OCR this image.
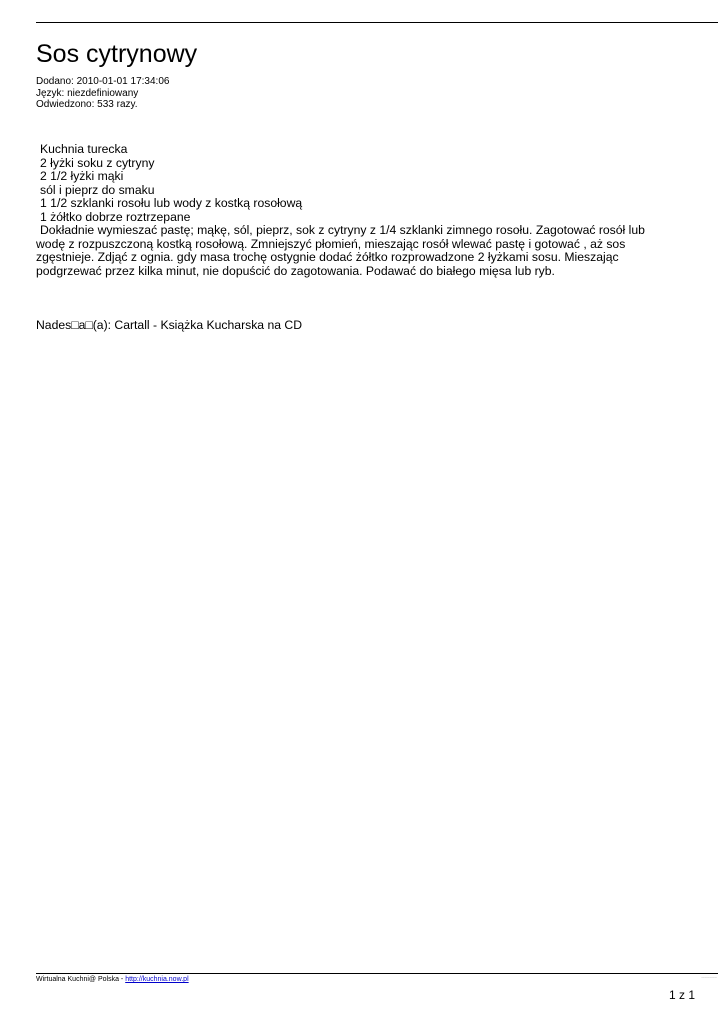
Sos cytrynowy
Dodano: 2010-01-01 17:34:06
Język: niezdefiniowany
Odwiedzono: 533 razy.
Kuchnia turecka
2 łyżki soku z cytryny
2 1/2 łyżki mąki
sól i pieprz do smaku
1 1/2 szklanki rosołu lub wody z kostką rosołową
1 żółtko dobrze roztrzepane
Dokładnie wymieszać pastę; mąkę, sól, pieprz, sok z cytryny z 1/4 szklanki zimnego rosołu. Zagotować rosół lub wodę z rozpuszczoną kostką rosołową. Zmniejszyć płomień, mieszając rosół wlewać pastę i gotować , aż sos zgęstnieje. Zdjąć z ognia. gdy masa trochę ostygnie dodać żółtko rozprowadzone 2 łyżkami sosu. Mieszając podgrzewać przez kilka minut, nie dopuścić do zagotowania. Podawać do białego mięsa lub ryb.
Nades□a□(a): Cartall - Książka Kucharska na CD
Wirtualna Kuchni@ Polska - http://kuchnia.now.pl	▪▪▪▪▪▪▪▪▪▪▪▪▪▪▪▪▪▪▪▪▪▪
1 z 1
